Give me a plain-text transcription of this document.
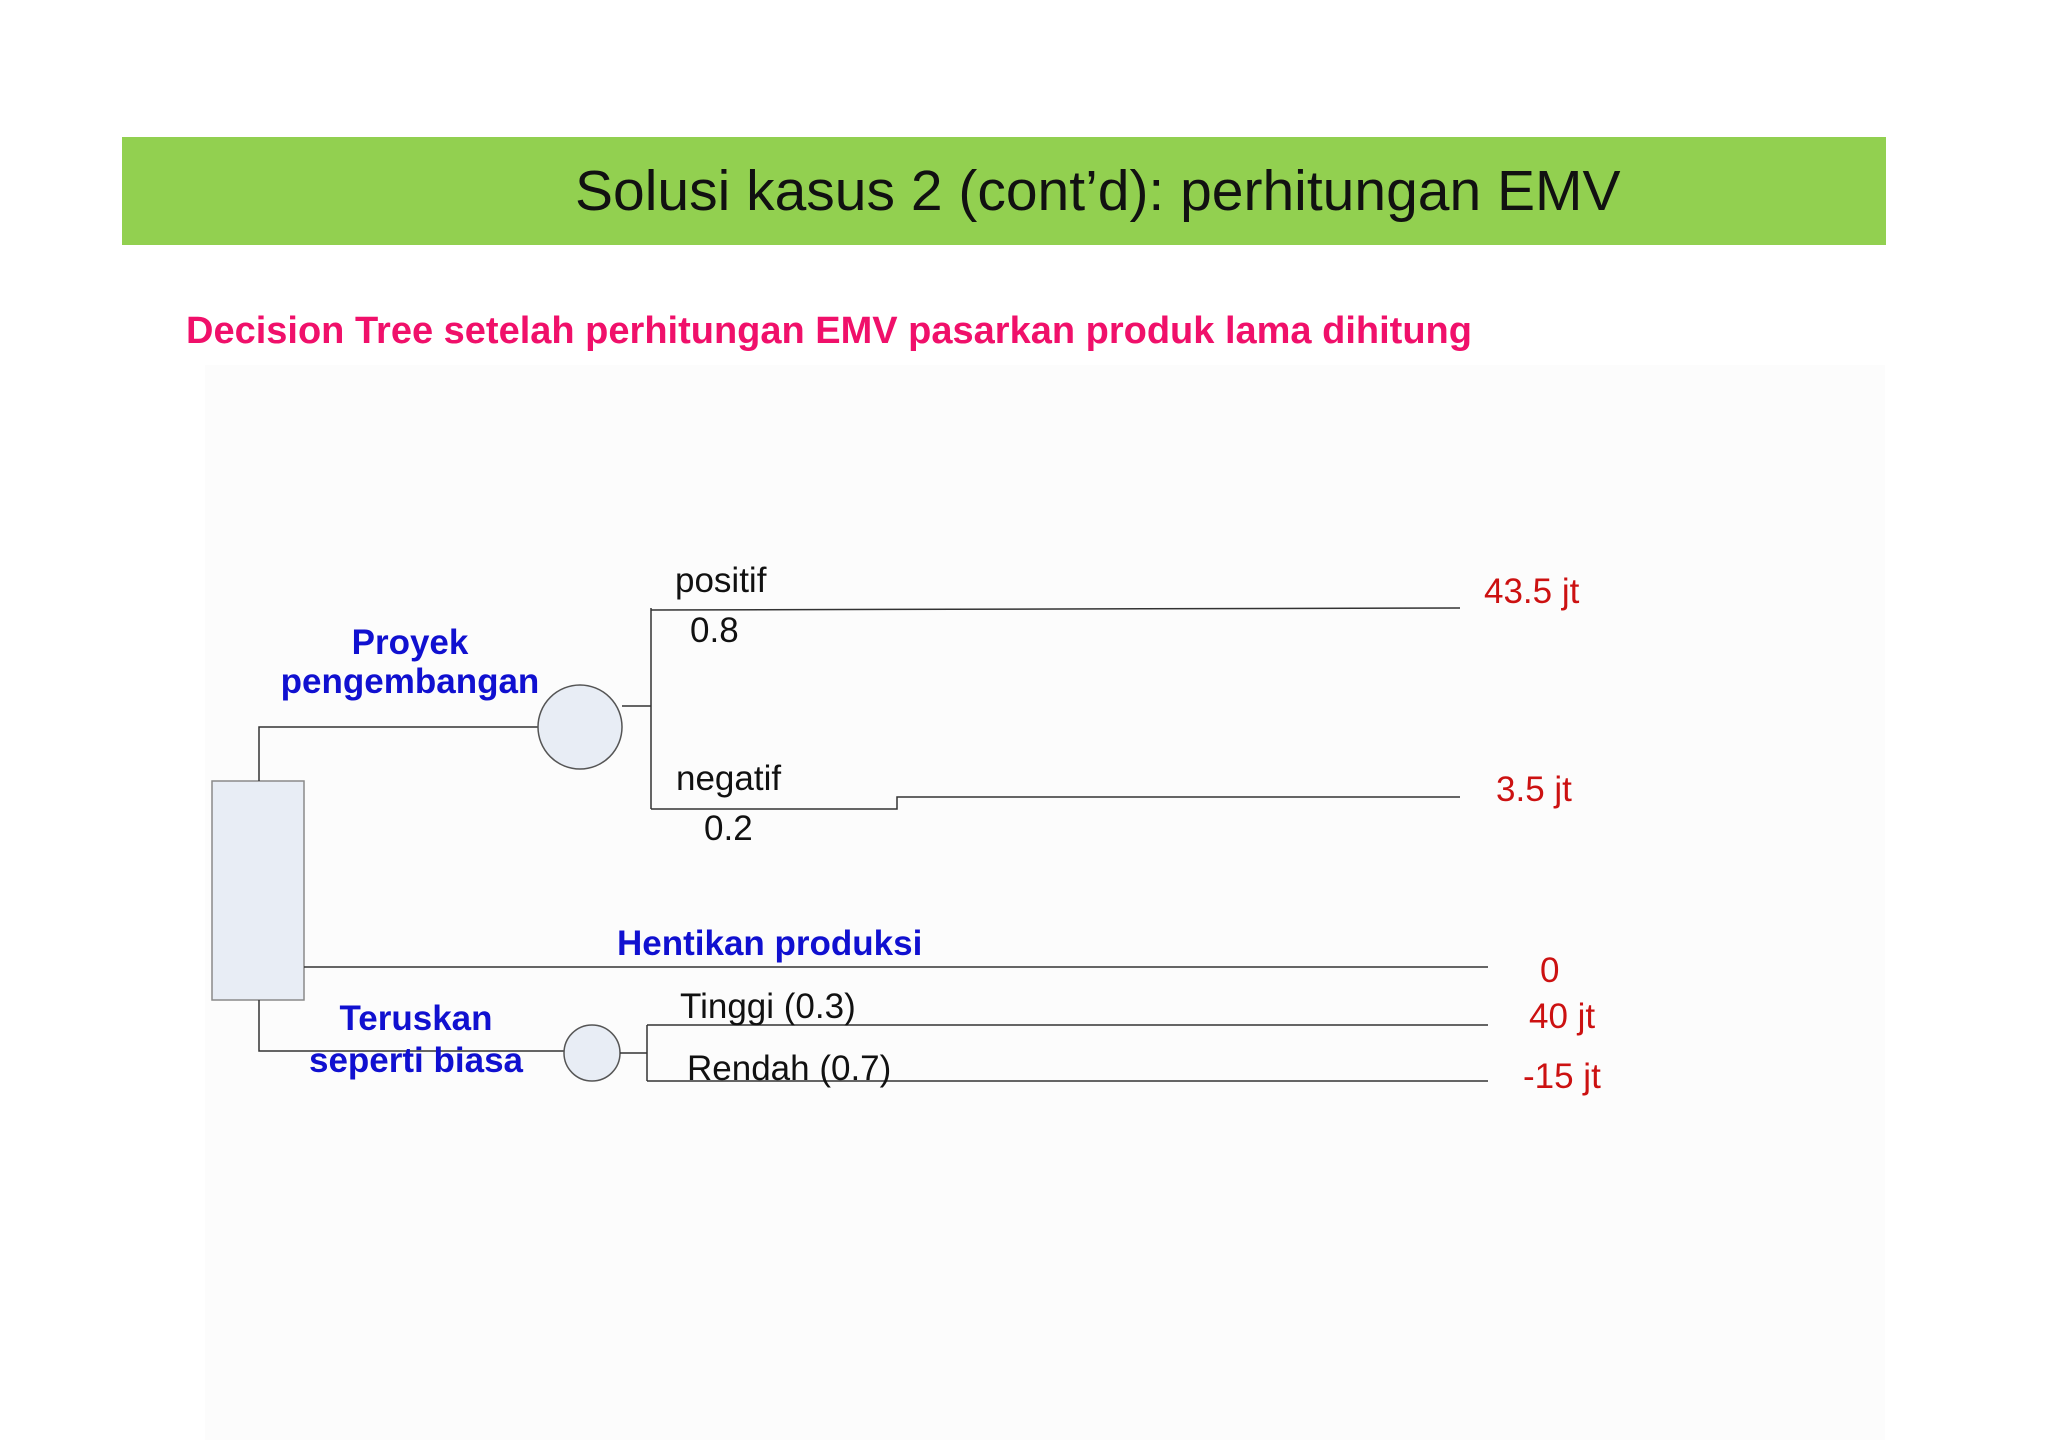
Solusi kasus 2 (cont’d): perhitungan EMV
Decision Tree setelah perhitungan EMV pasarkan produk lama dihitung
Proyek
pengembangan
Hentikan produksi
Teruskan
seperti biasa
positif
0.8
negatif
0.2
Tinggi (0.3)
Rendah (0.7)
43.5 jt
3.5 jt
0
40 jt
-15 jt
